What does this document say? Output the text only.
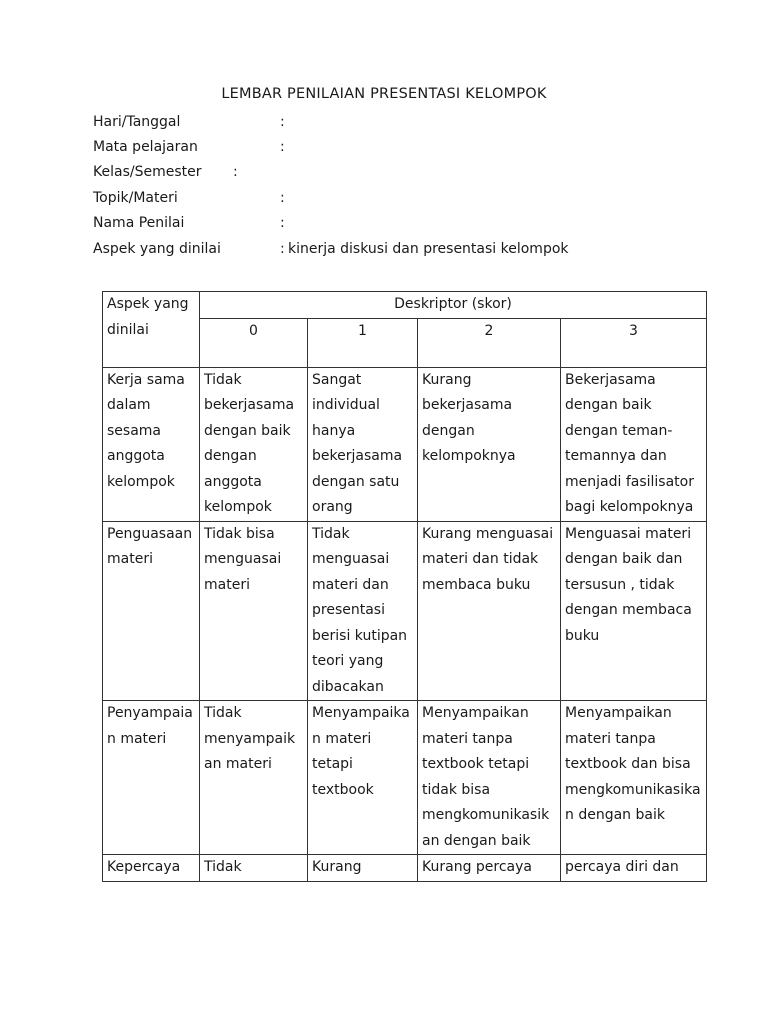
LEMBAR PENILAIAN PRESENTASI KELOMPOK
Hari/Tanggal	:
Mata pelajaran	:
Kelas/Semester :
Topik/Materi	:
Nama Penilai	:
Aspek yang dinilai	: kinerja diskusi dan presentasi kelompok
Aspek yang dinilai	Deskriptor (skor)			
	0	1	2	3
Kerja sama dalam sesama anggota kelompok	Tidak bekerjasama dengan baik dengan anggota kelompok	Sangat individual hanya bekerjasama dengan satu orang	Kurang bekerjasama dengan kelompoknya	Bekerjasama dengan baik dengan teman-temannya dan menjadi fasilisator bagi kelompoknya
Penguasaan materi	Tidak bisa menguasai materi	Tidak menguasai materi dan presentasi berisi kutipan teori yang dibacakan	Kurang menguasai materi dan tidak membaca buku	Menguasai materi dengan baik dan tersusun , tidak dengan membaca buku
Penyampaian materi	Tidak menyampaikan materi	Menyampaikan materi tetapi textbook	Menyampaikan materi tanpa textbook tetapi tidak bisa mengkomunikasikan dengan baik	Menyampaikan materi tanpa textbook dan bisa mengkomunikasikan dengan baik
Kepercaya	Tidak	Kurang	Kurang percaya	percaya diri dan
